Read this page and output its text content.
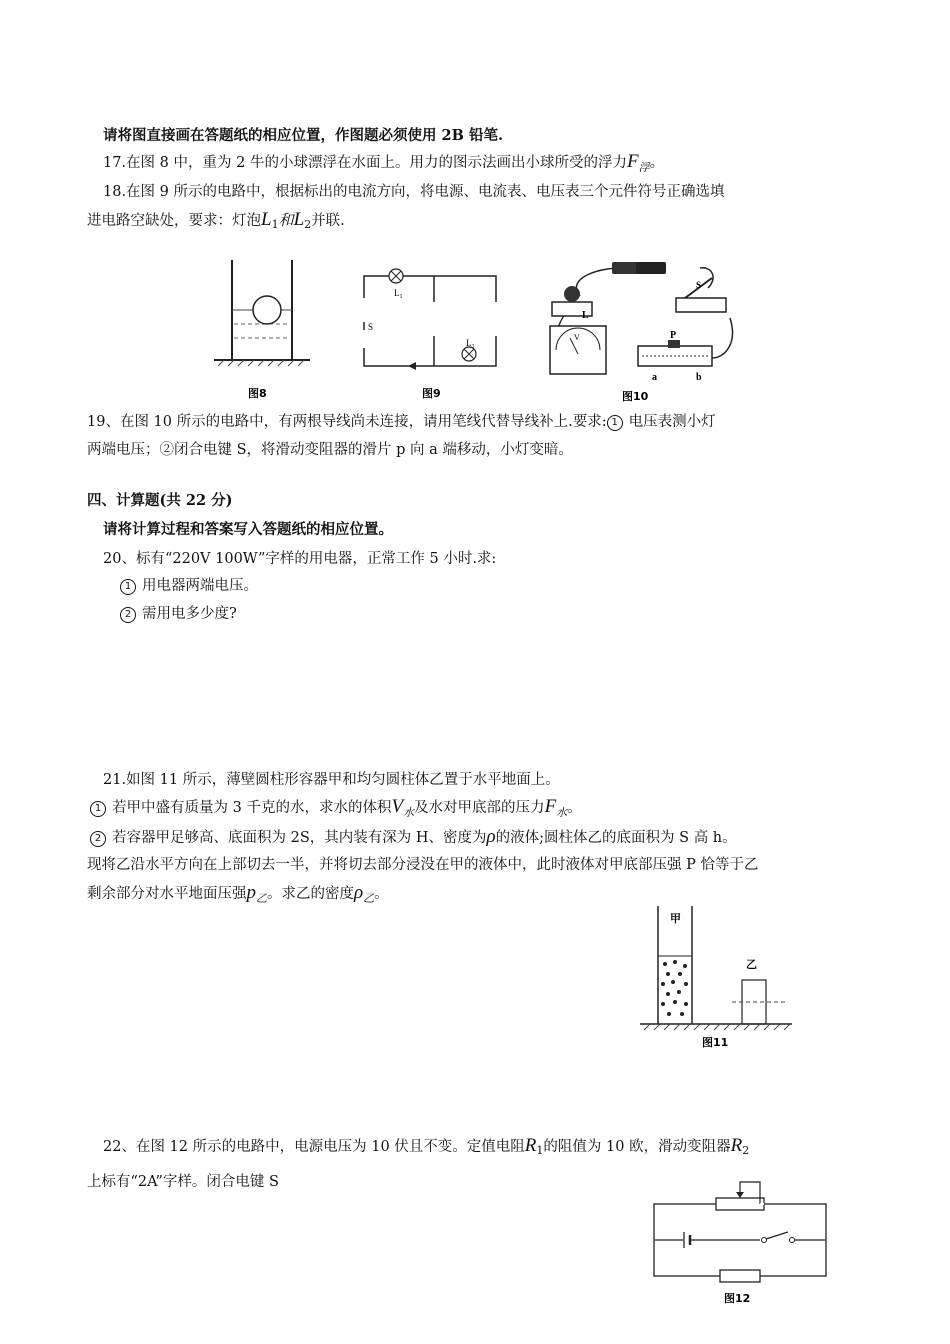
请将图直接画在答题纸的相应位置，作图题必须使用 2B 铅笔.
17.在图 8 中，重为 2 牛的小球漂浮在水面上。用力的图示法画出小球所受的浮力$F_浮$。
18.在图 9 所示的电路中，根据标出的电流方向，将电源、电流表、电压表三个元件符号正确选填
进电路空缺处，要求：灯泡$L_1$和$L_2$并联.
图8
$L_1$
S
$L_2$
图9
L
S
P
V
a	b
图10
19、在图 10 所示的电路中，有两根导线尚未连接，请用笔线代替导线补上.要求: 1 电压表测小灯
两端电压；②闭合电键 S，将滑动变阻器的滑片 p 向 a 端移动，小灯变暗。
四、计算题(共 22 分)
请将计算过程和答案写入答题纸的相应位置。
20、标有“220V 100W”字样的用电器，正常工作 5 小时.求:
1 用电器两端电压。
2 需用电多少度?
21.如图 11 所示，薄壁圆柱形容器甲和均匀圆柱体乙置于水平地面上。
1 若甲中盛有质量为 3 千克的水，求水的体积$V_水$及水对甲底部的压力$F_水$。
2 若容器甲足够高、底面积为 2S，其内装有深为 H、密度为ρ的液体;圆柱体乙的底面积为 S 高 h。
现将乙沿水平方向在上部切去一半，并将切去部分浸没在甲的液体中，此时液体对甲底部压强 P 恰等于乙
剩余部分对水平地面压强$p_乙$。求乙的密度$\rho_乙$。
甲
乙
图11
22、在图 12 所示的电路中，电源电压为 10 伏且不变。定值电阻$R_1$的阻值为 10 欧，滑动变阻器$R_2$
上标有“2A”字样。闭合电键 S
图12
